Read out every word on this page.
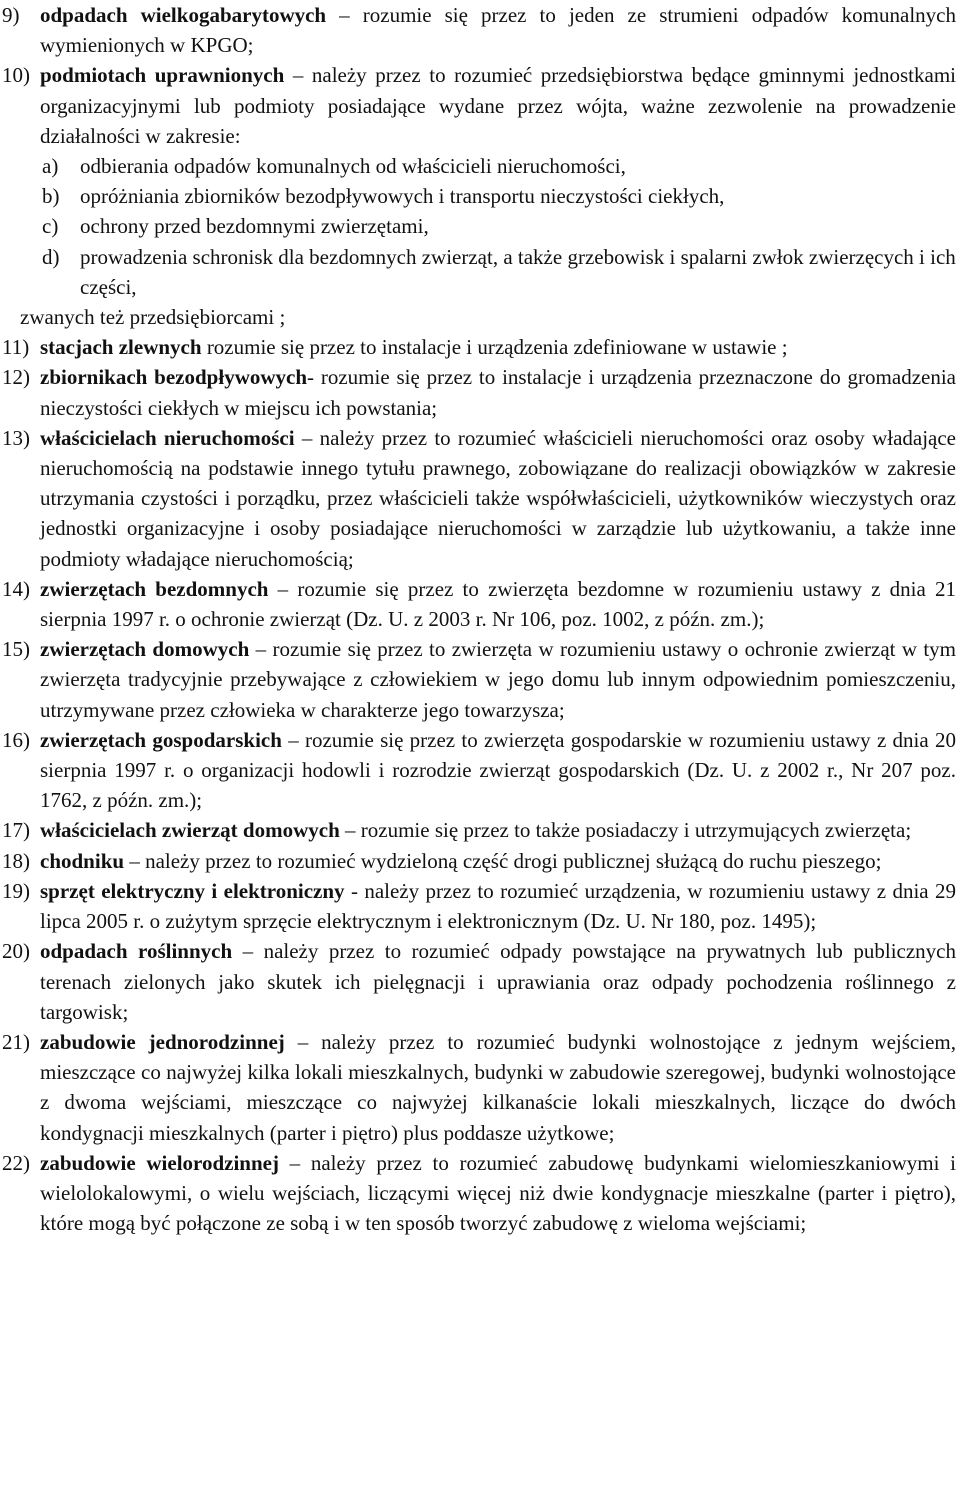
9) odpadach wielkogabarytowych – rozumie się przez to jeden ze strumieni odpadów komunalnych wymienionych w KPGO;
10) podmiotach uprawnionych – należy przez to rozumieć przedsiębiorstwa będące gminnymi jednostkami organizacyjnymi lub podmioty posiadające wydane przez wójta, ważne zezwolenie na prowadzenie działalności w zakresie:
a)	odbierania odpadów komunalnych od właścicieli nieruchomości,
b) opróżniania zbiorników bezodpływowych i transportu nieczystości ciekłych,
c)	ochrony przed bezdomnymi zwierzętami,
d) prowadzenia schronisk dla bezdomnych zwierząt, a także grzebowisk i spalarni zwłok zwierzęcych i ich części,
zwanych też przedsiębiorcami ;
11) stacjach zlewnych rozumie się przez to instalacje i urządzenia zdefiniowane w ustawie ;
12) zbiornikach bezodpływowych- rozumie się przez to instalacje i urządzenia przeznaczone do gromadzenia nieczystości ciekłych w miejscu ich powstania;
13) właścicielach nieruchomości – należy przez to rozumieć właścicieli nieruchomości oraz osoby władające nieruchomością na podstawie innego tytułu prawnego, zobowiązane do realizacji obowiązków w zakresie utrzymania czystości i porządku, przez właścicieli także współwłaścicieli, użytkowników wieczystych oraz jednostki organizacyjne i osoby posiadające nieruchomości w zarządzie lub użytkowaniu, a także inne podmioty władające nieruchomością;
14) zwierzętach bezdomnych – rozumie się przez to zwierzęta bezdomne w rozumieniu ustawy z dnia 21 sierpnia 1997 r. o ochronie zwierząt (Dz. U. z 2003 r. Nr 106, poz. 1002, z późn. zm.);
15) zwierzętach domowych – rozumie się przez to zwierzęta w rozumieniu ustawy o ochronie zwierząt w tym zwierzęta tradycyjnie przebywające z człowiekiem w jego domu lub innym odpowiednim pomieszczeniu, utrzymywane przez człowieka w charakterze jego towarzysza;
16) zwierzętach gospodarskich – rozumie się przez to zwierzęta gospodarskie w rozumieniu ustawy z dnia 20 sierpnia 1997 r. o organizacji hodowli i rozrodzie zwierząt gospodarskich (Dz. U. z 2002 r., Nr 207 poz. 1762, z późn. zm.);
17) właścicielach zwierząt domowych – rozumie się przez to także posiadaczy i utrzymujących zwierzęta;
18) chodniku – należy przez to rozumieć wydzieloną część drogi publicznej służącą do ruchu pieszego;
19) sprzęt elektryczny i elektroniczny - należy przez to rozumieć urządzenia, w rozumieniu ustawy z dnia 29 lipca 2005 r. o zużytym sprzęcie elektrycznym i elektronicznym (Dz. U. Nr 180, poz. 1495);
20) odpadach roślinnych – należy przez to rozumieć odpady powstające na prywatnych lub publicznych terenach zielonych jako skutek ich pielęgnacji i uprawiania oraz odpady pochodzenia roślinnego z targowisk;
21) zabudowie jednorodzinnej – należy przez to rozumieć budynki wolnostojące z jednym wejściem, mieszczące co najwyżej kilka lokali mieszkalnych, budynki w zabudowie szeregowej, budynki wolnostojące z dwoma wejściami, mieszczące co najwyżej kilkanaście lokali mieszkalnych, liczące do dwóch kondygnacji mieszkalnych (parter i piętro) plus poddasze użytkowe;
22) zabudowie wielorodzinnej – należy przez to rozumieć zabudowę budynkami wielomieszkaniowymi i wielolokalowymi, o wielu wejściach, liczącymi więcej niż dwie kondygnacje mieszkalne (parter i piętro), które mogą być połączone ze sobą i w ten sposób tworzyć zabudowę z wieloma wejściami;
